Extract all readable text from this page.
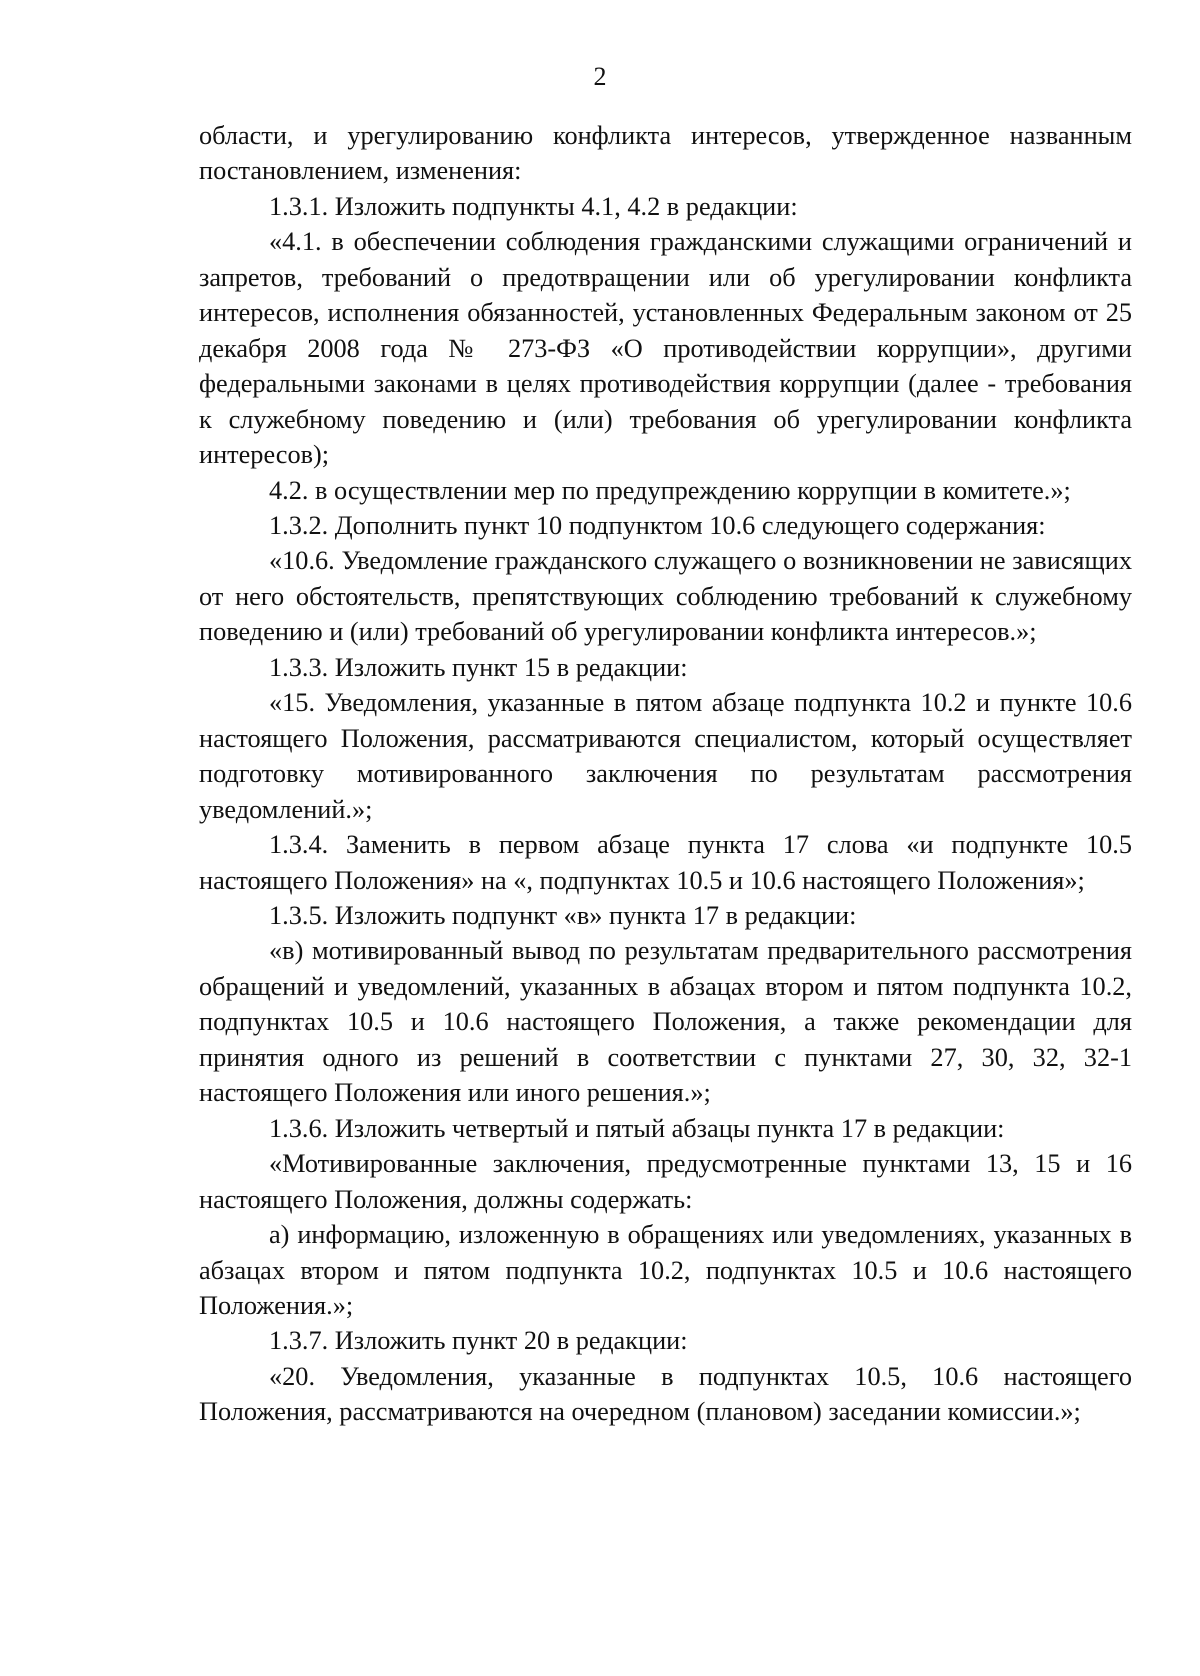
2

области, и урегулированию конфликта интересов, утвержденное названным постановлением, изменения:

1.3.1. Изложить подпункты 4.1, 4.2 в редакции:

«4.1. в обеспечении соблюдения гражданскими служащими ограничений и запретов, требований о предотвращении или об урегулировании конфликта интересов, исполнения обязанностей, установленных Федеральным законом от 25 декабря 2008 года № 273-ФЗ «О противодействии коррупции», другими федеральными законами в целях противодействия коррупции (далее - требования к служебному поведению и (или) требования об урегулировании конфликта интересов);

4.2. в осуществлении мер по предупреждению коррупции в комитете.»;

1.3.2. Дополнить пункт 10 подпунктом 10.6 следующего содержания:

«10.6. Уведомление гражданского служащего о возникновении не зависящих от него обстоятельств, препятствующих соблюдению требований к служебному поведению и (или) требований об урегулировании конфликта интересов.»;

1.3.3. Изложить пункт 15 в редакции:

«15. Уведомления, указанные в пятом абзаце подпункта 10.2 и пункте 10.6 настоящего Положения, рассматриваются специалистом, который осуществляет подготовку мотивированного заключения по результатам рассмотрения уведомлений.»;

1.3.4. Заменить в первом абзаце пункта 17 слова «и подпункте 10.5 настоящего Положения» на «, подпунктах 10.5 и 10.6 настоящего Положения»;

1.3.5. Изложить подпункт «в» пункта 17 в редакции:

«в) мотивированный вывод по результатам предварительного рассмотрения обращений и уведомлений, указанных в абзацах втором и пятом подпункта 10.2, подпунктах 10.5 и 10.6 настоящего Положения, а также рекомендации для принятия одного из решений в соответствии с пунктами 27, 30, 32, 32-1 настоящего Положения или иного решения.»;

1.3.6. Изложить четвертый и пятый абзацы пункта 17 в редакции:

«Мотивированные заключения, предусмотренные пунктами 13, 15 и 16 настоящего Положения, должны содержать:

а) информацию, изложенную в обращениях или уведомлениях, указанных в абзацах втором и пятом подпункта 10.2, подпунктах 10.5 и 10.6 настоящего Положения.»;

1.3.7. Изложить пункт 20 в редакции:

«20. Уведомления, указанные в подпунктах 10.5, 10.6 настоящего Положения, рассматриваются на очередном (плановом) заседании комиссии.»;
